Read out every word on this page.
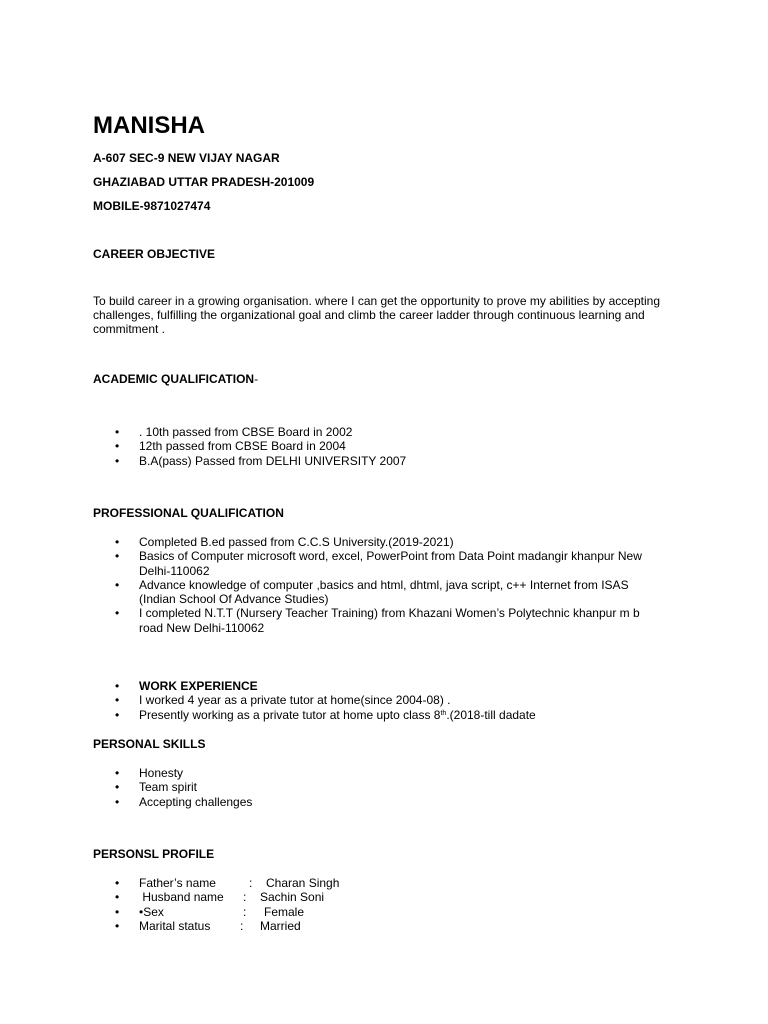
MANISHA
A-607 SEC-9 NEW VIJAY NAGAR
GHAZIABAD UTTAR PRADESH-201009
MOBILE-9871027474
CAREER OBJECTIVE
To build career in a growing organisation. where I can get the opportunity to prove my abilities by accepting
challenges, fulfilling the organizational goal and climb the career ladder through continuous learning and
commitment .
ACADEMIC QUALIFICATION-
• . 10th passed from CBSE Board in 2002
• 12th passed from CBSE Board in 2004
• B.A(pass) Passed from DELHI UNIVERSITY 2007
PROFESSIONAL QUALIFICATION
• Completed B.ed passed from C.C.S University.(2019-2021)
• Basics of Computer microsoft word, excel, PowerPoint from Data Point madangir khanpur New
Delhi-110062
• Advance knowledge of computer ,basics and html, dhtml, java script, c++ Internet from ISAS
(Indian School Of Advance Studies)
• I completed N.T.T (Nursery Teacher Training) from Khazani Women’s Polytechnic khanpur m b
road New Delhi-110062
• WORK EXPERIENCE
• I worked 4 year as a private tutor at home(since 2004-08) .
• Presently working as a private tutor at home upto class 8th.(2018-till dadate
PERSONAL SKILLS
• Honesty
• Team spirit
• Accepting challenges
PERSONSL PROFILE
• Father’s name	: Charan Singh
• Husband name : Sachin Soni
• •Sex	: Female
• Marital status : Married
